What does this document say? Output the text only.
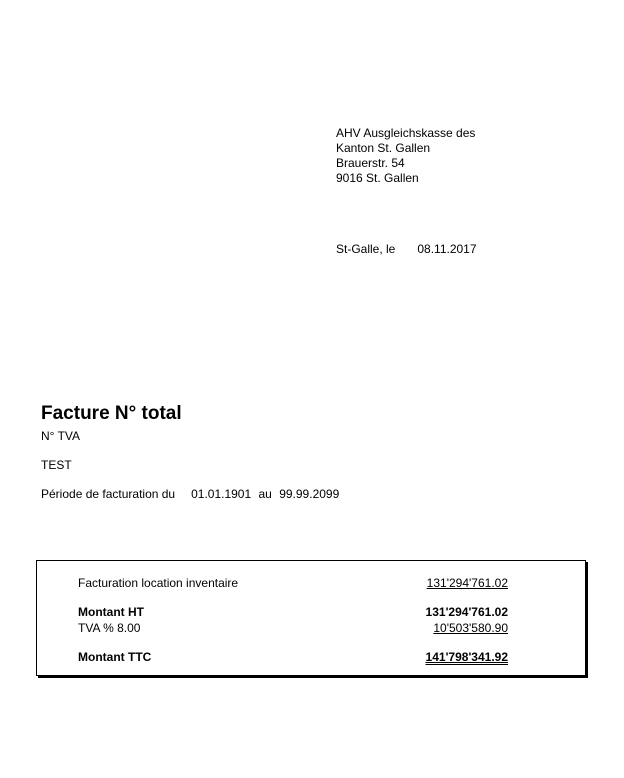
AHV Ausgleichskasse des
Kanton St. Gallen
Brauerstr. 54
9016 St. Gallen
St-Galle, le 08.11.2017
Facture N° total
N° TVA
TEST
Période de facturation du 01.01.1901 au 99.99.2099
Facturation location inventaire	131'294'761.02
Montant HT	131'294'761.02
TVA % 8.00	10'503'580.90
Montant TTC	141'798'341.92
